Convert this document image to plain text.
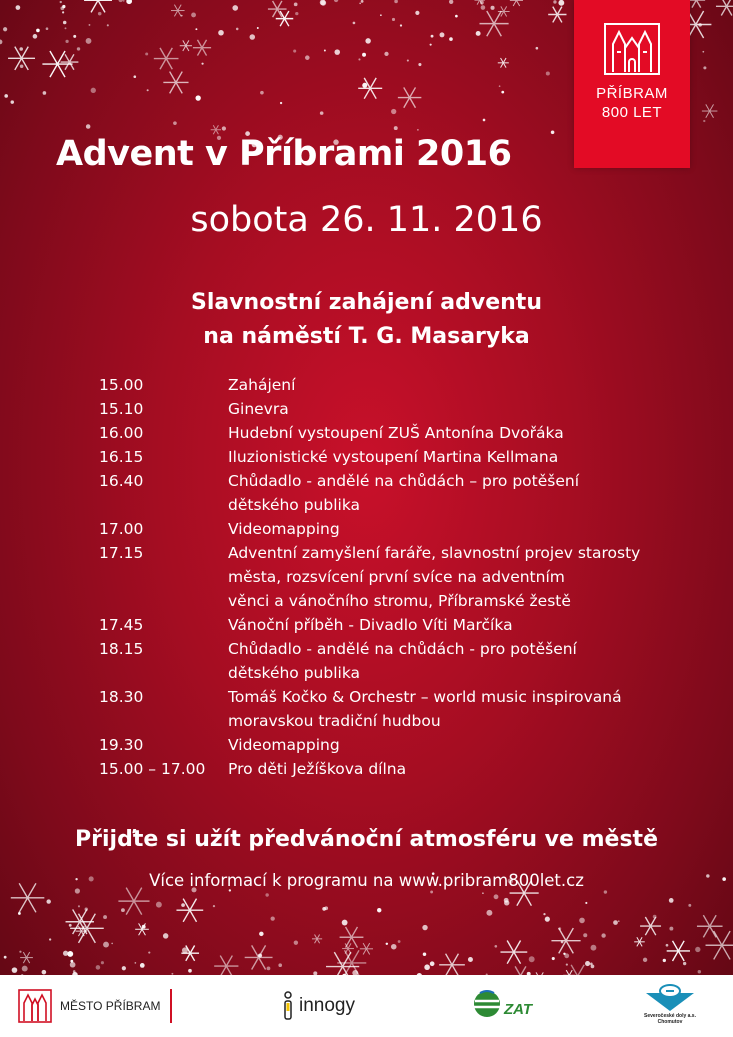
PŘÍBRAM
800 LET
Advent v Příbrami 2016
sobota 26. 11. 2016
Slavnostní zahájení adventu
na náměstí T. G. Masaryka
15.00	Zahájení
15.10	Ginevra
16.00	Hudební vystoupení ZUŠ Antonína Dvořáka
16.15	Iluzionistické vystoupení Martina Kellmana
16.40	Chůdadlo - andělé na chůdách – pro potěšení
dětského publika
17.00	Videomapping
17.15	Adventní zamyšlení faráře, slavnostní projev starosty
města, rozsvícení první svíce na adventním
věnci a vánočního stromu, Příbramské žestě
17.45	Vánoční příběh - Divadlo Víti Marčíka
18.15	Chůdadlo - andělé na chůdách - pro potěšení
dětského publika
18.30	Tomáš Kočko & Orchestr – world music inspirovaná
moravskou tradiční hudbou
19.30	Videomapping
15.00 – 17.00	Pro děti Ježíškova dílna
Přijďte si užít předvánoční atmosféru ve městě
Více informací k programu na www.pribram800let.cz
MĚSTO PŘÍBRAM	innogy	ZAT	Severočeské doly a.s.
Chomutov
